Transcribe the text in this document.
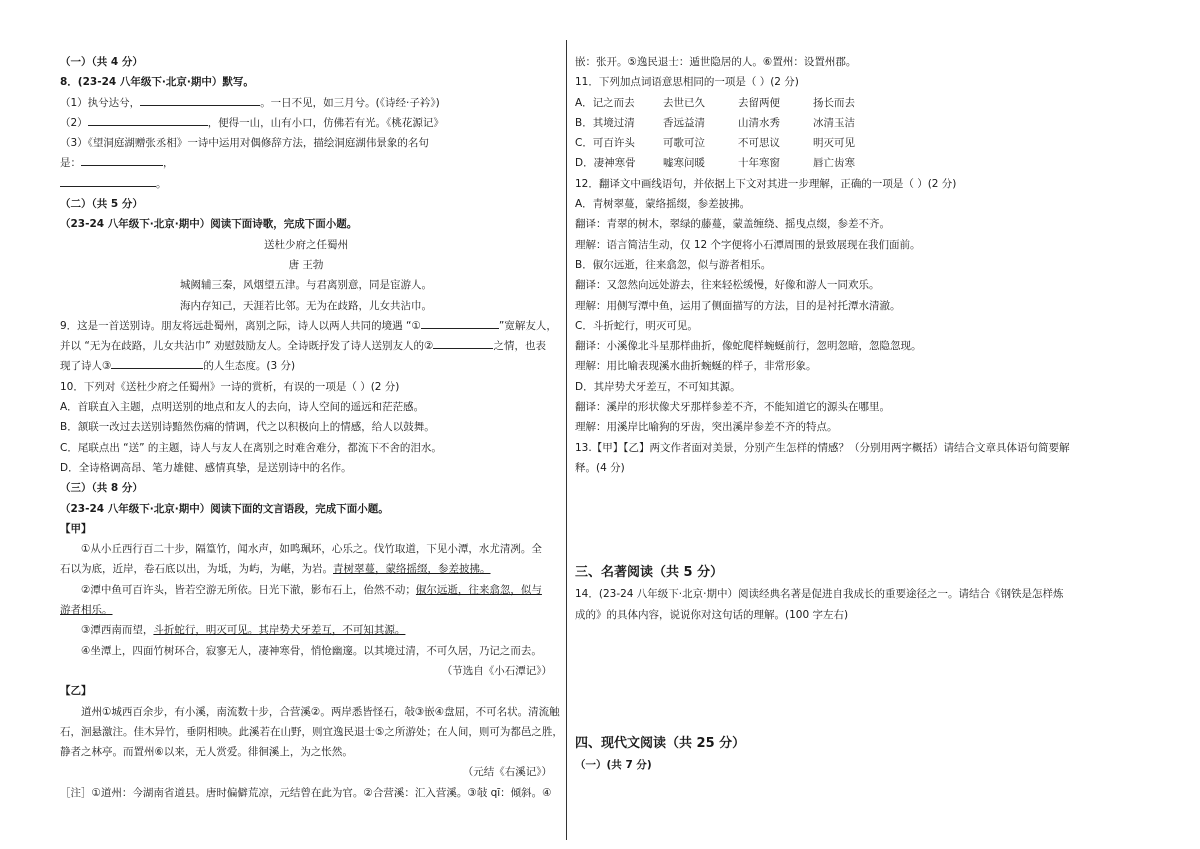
（一）（共 4 分）
8．(23-24 八年级下·北京·期中）默写。
（1）执兮达兮，	。一日不见，如三月兮。(《诗经·子衿》)
（2）	，便得一山，山有小口，仿佛若有光。《桃花源记》
（3）《望洞庭湖赠张丞相》一诗中运用对偶修辞方法，描绘洞庭湖伟景象的名句
是：	，
。
（二）（共 5 分）
（23-24 八年级下·北京·期中）阅读下面诗歌，完成下面小题。
送杜少府之任蜀州
唐 王勃
城阙辅三秦，风烟望五津。与君离别意，同是宦游人。
海内存知己，天涯若比邻。无为在歧路，儿女共沾巾。
9．这是一首送别诗。朋友将远赴蜀州，离别之际，诗人以两人共同的境遇 “①	”宽解友人，
并以 “无为在歧路，儿女共沾巾” 劝慰鼓励友人。全诗既抒发了诗人送别友人的②	之情，也表
现了诗人③	的人生态度。(3 分)
10．下列对《送杜少府之任蜀州》一诗的赏析，有误的一项是（ ）(2 分)
A．首联直入主题，点明送别的地点和友人的去向，诗人空间的遥远和茫茫感。
B．颔联一改过去送别诗黯然伤痛的情调，代之以积极向上的情感，给人以鼓舞。
C．尾联点出 “送” 的主题，诗人与友人在离别之时难舍难分，都流下不舍的泪水。
D．全诗格调高昂、笔力雄健、感情真挚，是送别诗中的名作。
（三）（共 8 分）
（23-24 八年级下·北京·期中）阅读下面的文言语段，完成下面小题。
【甲】
①从小丘西行百二十步，隔篁竹，闻水声，如鸣珮环，心乐之。伐竹取道，下见小潭，水尤清冽。全
石以为底，近岸，卷石底以出，为坻，为屿，为嵁，为岩。青树翠蔓，蒙络摇缀，参差披拂。
②潭中鱼可百许头，皆若空游无所依。日光下澈，影布石上，佁然不动；俶尔远逝，往来翕忽，似与
游者相乐。
③潭西南而望，斗折蛇行，明灭可见。其岸势犬牙差互，不可知其源。
④坐潭上，四面竹树环合，寂寥无人，凄神寒骨，悄怆幽邃。以其境过清，不可久居，乃记之而去。
（节选自《小石潭记》）
【乙】
道州①城西百余步，有小溪，南流数十步，合营溪②。两岸悉皆怪石，敧③嵌④盘屈，不可名状。清流触
石，洄悬激注。佳木异竹，垂阴相映。此溪若在山野，则宜逸民退士⑤之所游处；在人间，则可为都邑之胜，
静者之林亭。而置州⑥以来，无人赏爱。徘徊溪上，为之怅然。
（元结《右溪记》）
［注］①道州：今湖南省道县。唐时偏僻荒凉，元结曾在此为官。②合营溪：汇入营溪。③敧 qī：倾斜。④
嵌：张开。⑤逸民退士：遁世隐居的人。⑥置州：设置州郡。
11．下列加点词语意思相同的一项是（ ）(2 分)
A．记之而去	去世已久	去留两便	扬长而去
B．其境过清	香远益清	山清水秀	冰清玉洁
C．可百许头	可歌可泣	不可思议	明灭可见
D．凄神寒骨	嘘寒问暖	十年寒窗	唇亡齿寒
12．翻译文中画线语句，并依据上下文对其进一步理解，正确的一项是（ ）(2 分)
A．青树翠蔓，蒙络摇缀，参差披拂。
翻译：青翠的树木，翠绿的藤蔓，蒙盖缠绕、摇曳点缀，参差不齐。
理解：语言简洁生动，仅 12 个字便将小石潭周围的景致展现在我们面前。
B．俶尔远逝，往来翕忽，似与游者相乐。
翻译：又忽然向远处游去，往来轻松缓慢，好像和游人一同欢乐。
理解：用侧写潭中鱼，运用了侧面描写的方法，目的是衬托潭水清澈。
C．斗折蛇行，明灭可见。
翻译：小溪像北斗星那样曲折，像蛇爬样蜿蜒前行，忽明忽暗，忽隐忽现。
理解：用比喻表现溪水曲折蜿蜒的样子，非常形象。
D．其岸势犬牙差互，不可知其源。
翻译：溪岸的形状像犬牙那样参差不齐，不能知道它的源头在哪里。
理解：用溪岸比喻狗的牙齿，突出溪岸参差不齐的特点。
13.【甲】【乙】两文作者面对美景，分别产生怎样的情感？（分别用两字概括）请结合文章具体语句简要解
释。(4 分)
三、名著阅读（共 5 分）
14．(23-24 八年级下·北京·期中）阅读经典名著是促进自我成长的重要途径之一。请结合《钢铁是怎样炼
成的》的具体内容，说说你对这句话的理解。(100 字左右)
四、现代文阅读（共 25 分）
（一）(共 7 分)
